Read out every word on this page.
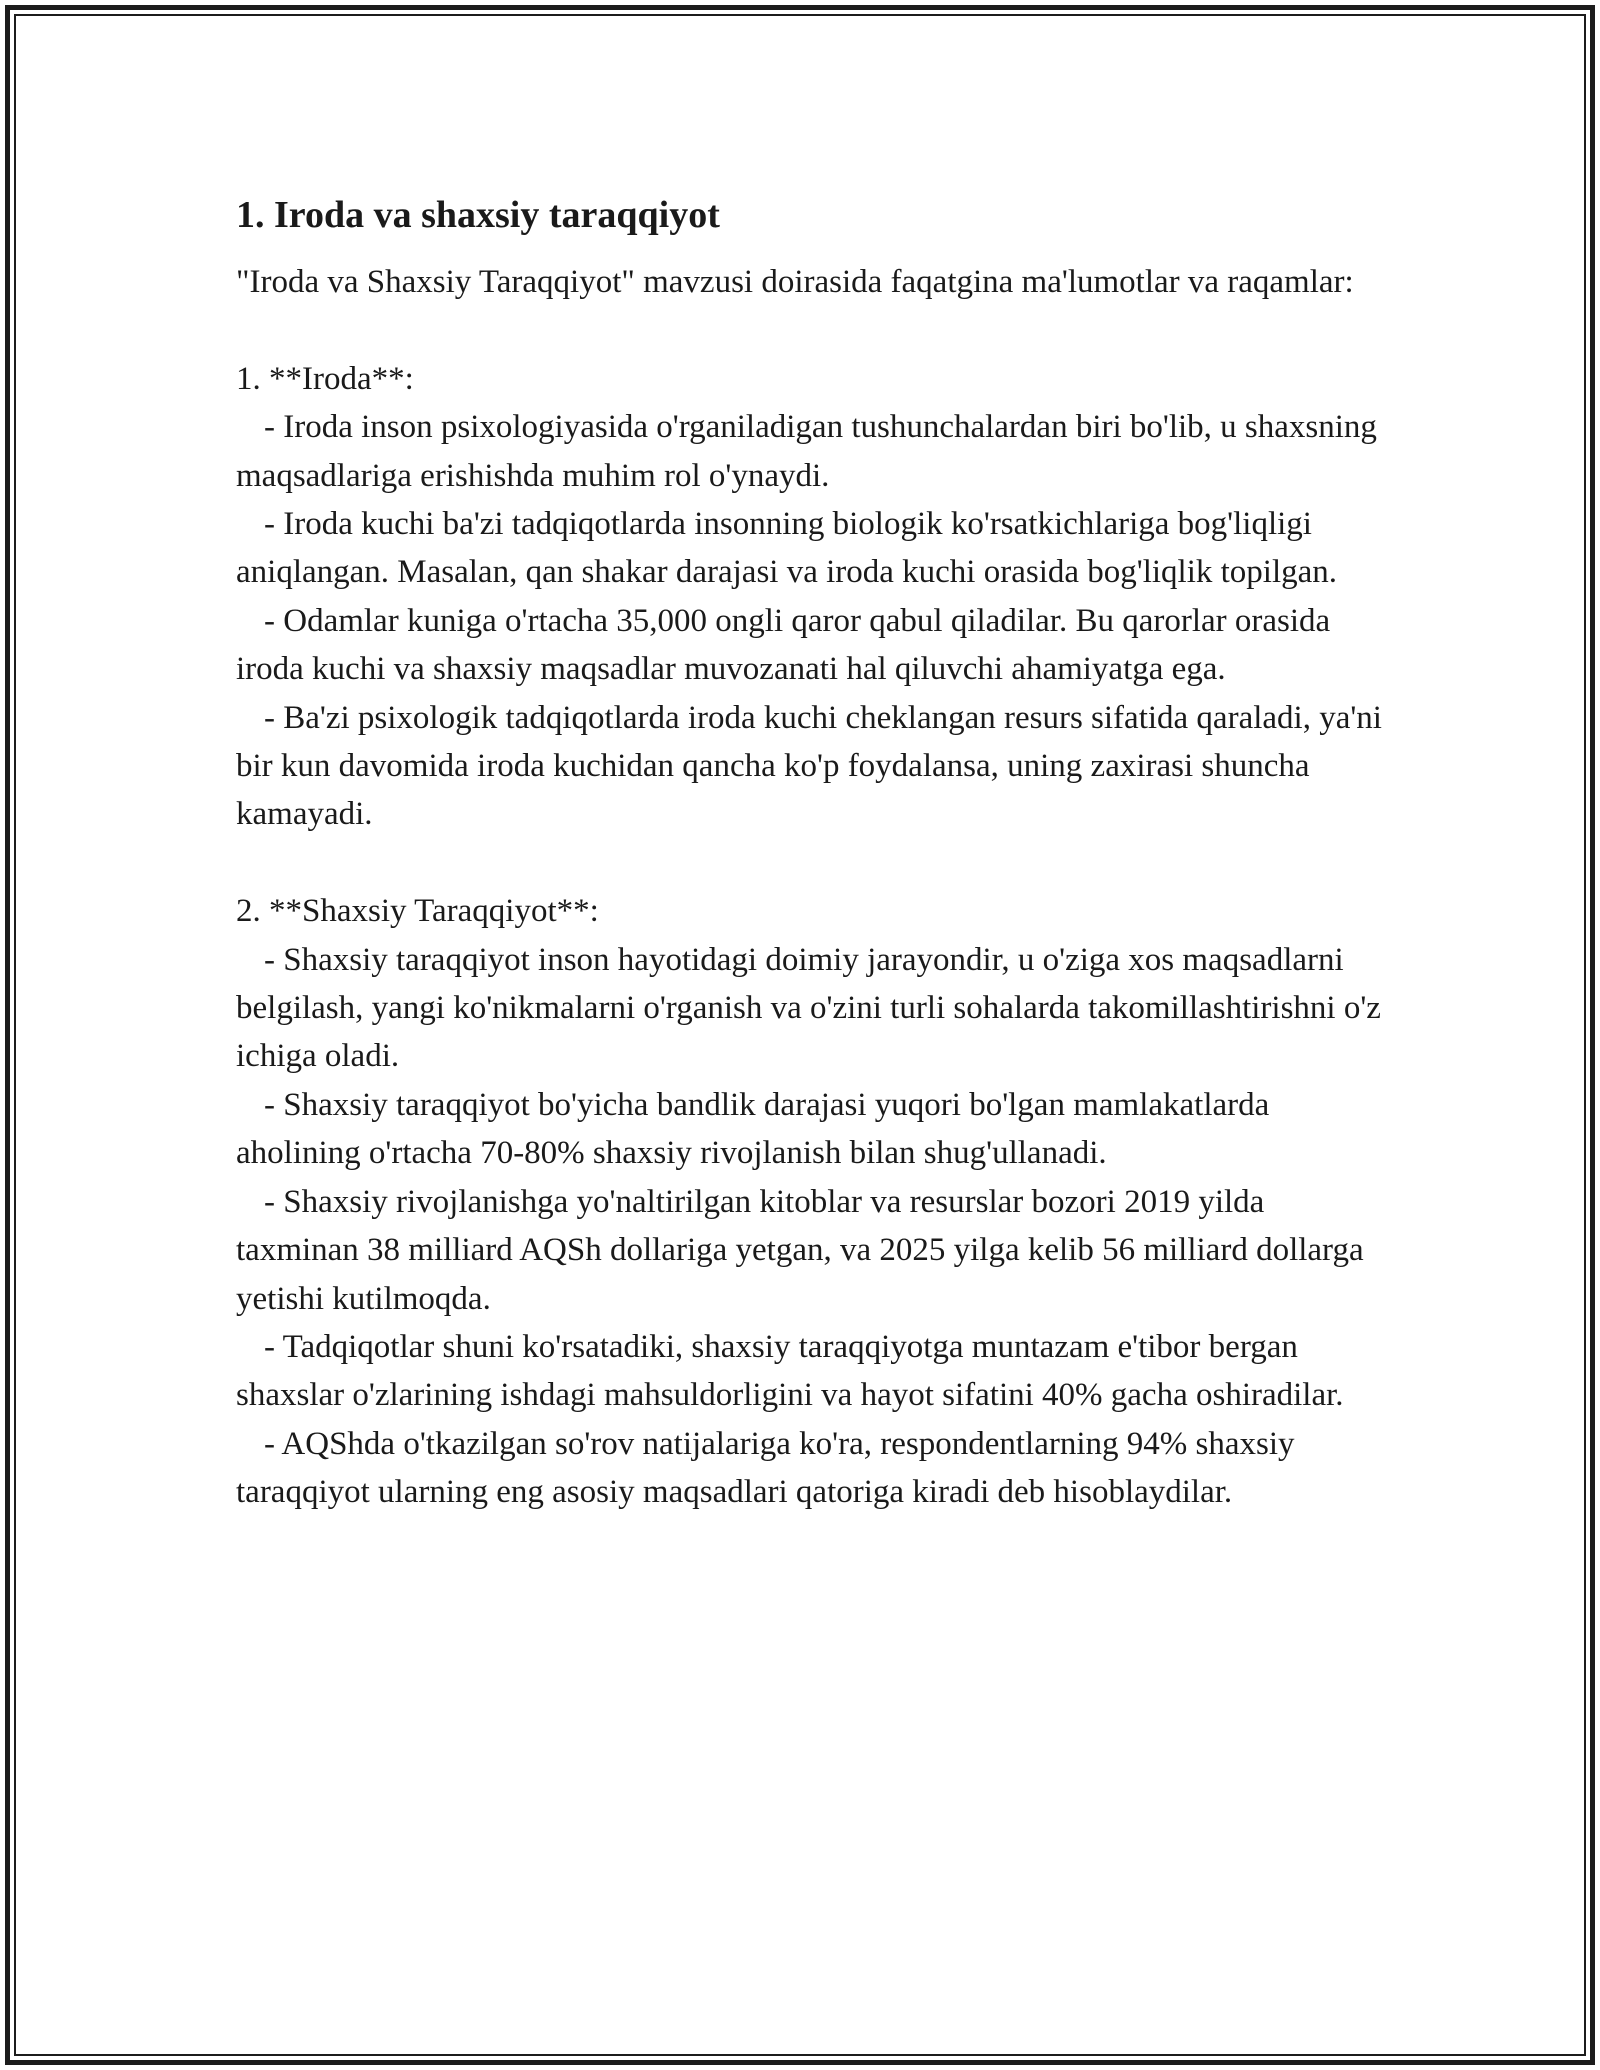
1. Iroda va shaxsiy taraqqiyot

"Iroda va Shaxsiy Taraqqiyot" mavzusi doirasida faqatgina ma'lumotlar va raqamlar:

1. **Iroda**:
- Iroda inson psixologiyasida o'rganiladigan tushunchalardan biri bo'lib, u shaxsning maqsadlariga erishishda muhim rol o'ynaydi.
- Iroda kuchi ba'zi tadqiqotlarda insonning biologik ko'rsatkichlariga bog'liqligi aniqlangan. Masalan, qan shakar darajasi va iroda kuchi orasida bog'liqlik topilgan.
- Odamlar kuniga o'rtacha 35,000 ongli qaror qabul qiladilar. Bu qarorlar orasida iroda kuchi va shaxsiy maqsadlar muvozanati hal qiluvchi ahamiyatga ega.
- Ba'zi psixologik tadqiqotlarda iroda kuchi cheklangan resurs sifatida qaraladi, ya'ni bir kun davomida iroda kuchidan qancha ko'p foydalansa, uning zaxirasi shuncha kamayadi.
2. **Shaxsiy Taraqqiyot**:
- Shaxsiy taraqqiyot inson hayotidagi doimiy jarayondir, u o'ziga xos maqsadlarni belgilash, yangi ko'nikmalarni o'rganish va o'zini turli sohalarda takomillashtirishni o'z ichiga oladi.
- Shaxsiy taraqqiyot bo'yicha bandlik darajasi yuqori bo'lgan mamlakatlarda aholining o'rtacha 70-80% shaxsiy rivojlanish bilan shug'ullanadi.
- Shaxsiy rivojlanishga yo'naltirilgan kitoblar va resurslar bozori 2019 yilda taxminan 38 milliard AQSh dollariga yetgan, va 2025 yilga kelib 56 milliard dollarga yetishi kutilmoqda.
- Tadqiqotlar shuni ko'rsatadiki, shaxsiy taraqqiyotga muntazam e'tibor bergan shaxslar o'zlarining ishdagi mahsuldorligini va hayot sifatini 40% gacha oshiradilar.
- AQShda o'tkazilgan so'rov natijalariga ko'ra, respondentlarning 94% shaxsiy taraqqiyot ularning eng asosiy maqsadlari qatoriga kiradi deb hisoblaydilar.
